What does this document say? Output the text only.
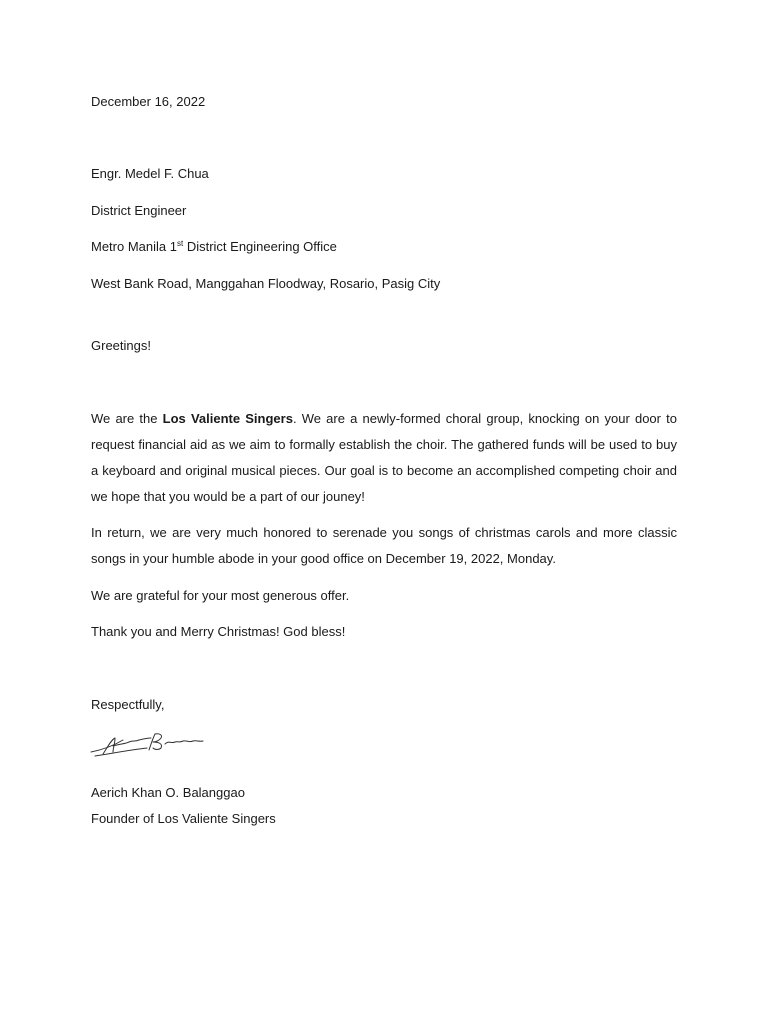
December 16, 2022
Engr. Medel F. Chua
District Engineer
Metro Manila 1st District Engineering Office
West Bank Road, Manggahan Floodway, Rosario, Pasig City
Greetings!
We are the Los Valiente Singers. We are a newly-formed choral group, knocking on your door to request financial aid as we aim to formally establish the choir. The gathered funds will be used to buy a keyboard and original musical pieces. Our goal is to become an accomplished competing choir and we hope that you would be a part of our jouney!
In return, we are very much honored to serenade you songs of christmas carols and more classic songs in your humble abode in your good office on December 19, 2022, Monday.
We are grateful for your most generous offer.
Thank you and Merry Christmas! God bless!
Respectfully,
Aerich Khan O. Balanggao
Founder of Los Valiente Singers
